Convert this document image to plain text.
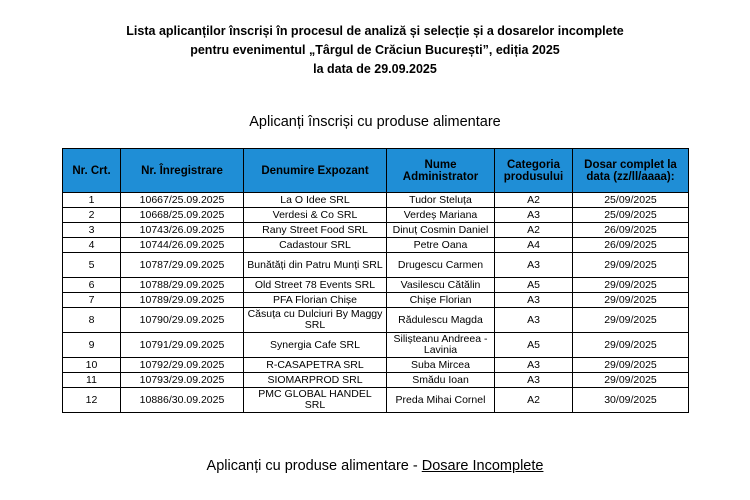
Lista aplicanților înscriși în procesul de analiză și selecție și a dosarelor incomplete
pentru evenimentul „Târgul de Crăciun București”, ediția 2025
la data de 29.09.2025
Aplicanți înscriși cu produse alimentare
Nr. Crt.	Nr. Înregistrare	Denumire Expozant	Nume Administrator	Categoria produsului	Dosar complet la data (zz/ll/aaaa):
1	10667/25.09.2025	La O Idee SRL	Tudor Steluța	A2	25/09/2025
2	10668/25.09.2025	Verdesi & Co SRL	Verdeș Mariana	A3	25/09/2025
3	10743/26.09.2025	Rany Street Food SRL	Dinuț Cosmin Daniel	A2	26/09/2025
4	10744/26.09.2025	Cadastour SRL	Petre Oana	A4	26/09/2025
5	10787/29.09.2025	Bunătăți din Patru Munți SRL	Drugescu Carmen	A3	29/09/2025
6	10788/29.09.2025	Old Street 78 Events SRL	Vasilescu Cătălin	A5	29/09/2025
7	10789/29.09.2025	PFA Florian Chișe	Chișe Florian	A3	29/09/2025
8	10790/29.09.2025	Căsuța cu Dulciuri By Maggy SRL	Rădulescu Magda	A3	29/09/2025
9	10791/29.09.2025	Synergia Cafe SRL	Siliștеanu Andreea - Lavinia	A5	29/09/2025
10	10792/29.09.2025	R-CASAPETRA SRL	Suba Mircea	A3	29/09/2025
11	10793/29.09.2025	SIOMARPROD SRL	Smădu Ioan	A3	29/09/2025
12	10886/30.09.2025	PMC GLOBAL HANDEL SRL	Preda Mihai Cornel	A2	30/09/2025
Aplicanți cu produse alimentare - Dosare Incomplete
